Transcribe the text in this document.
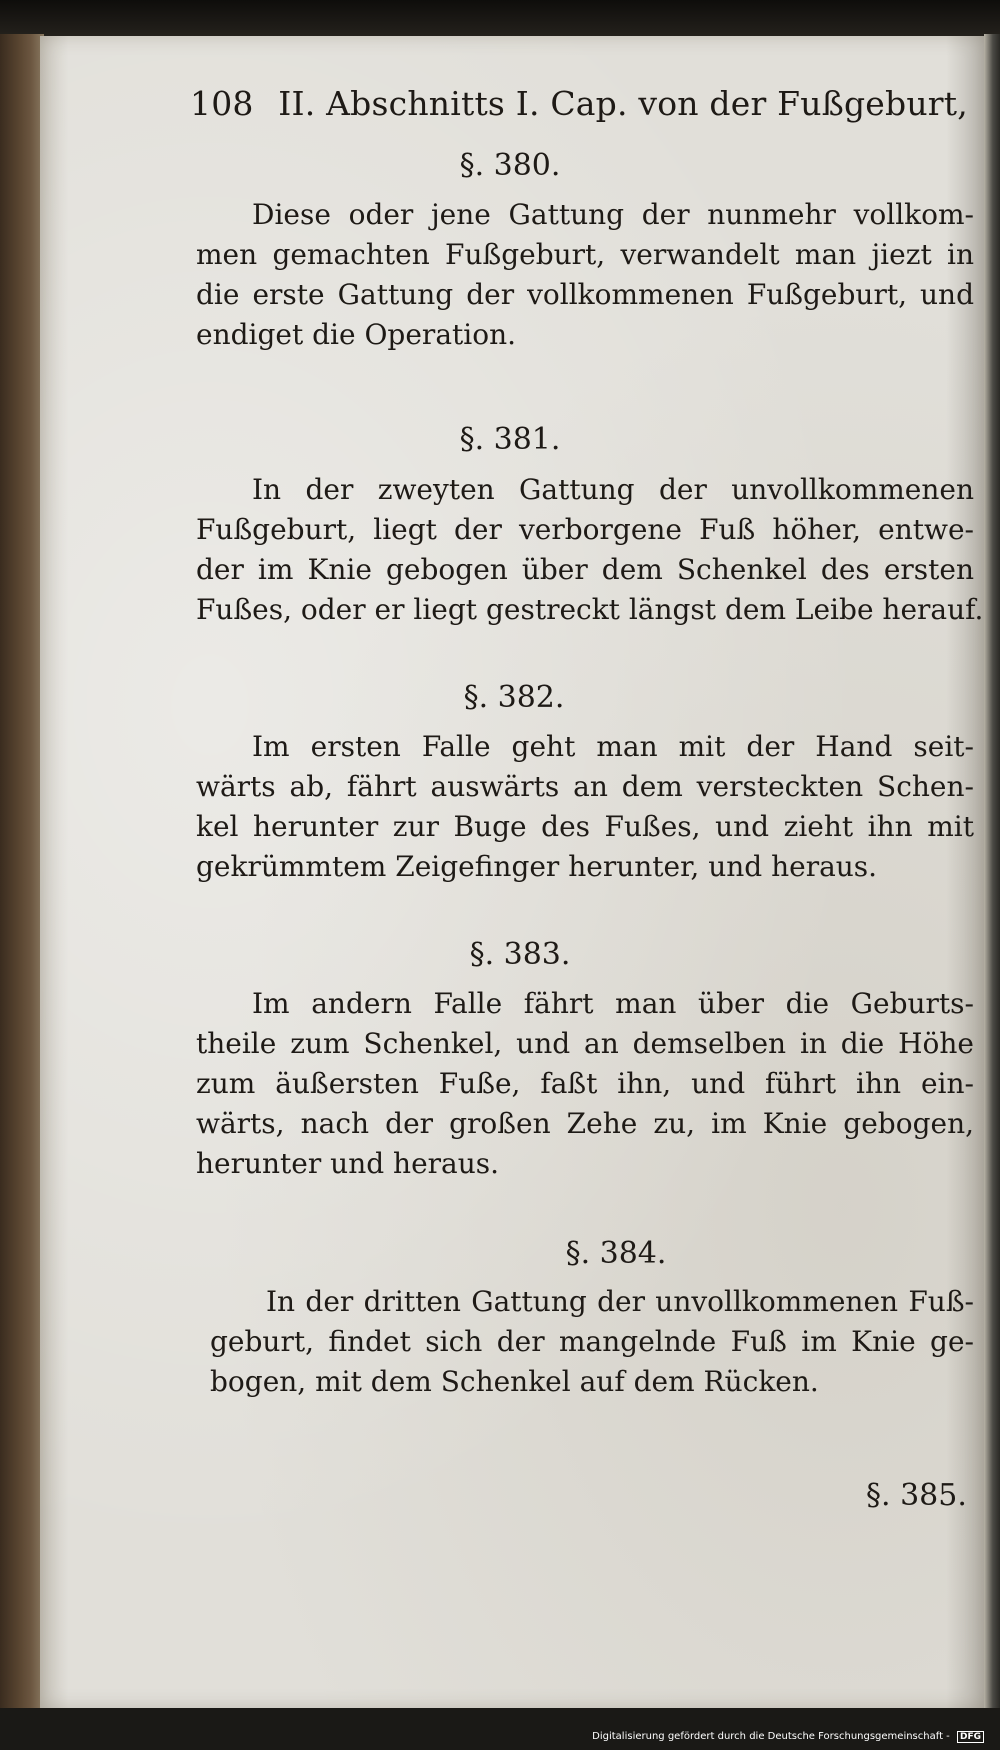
108 II. Abschnitts I. Cap. von der Fußgeburt,
§. 380.
Diese oder jene Gattung der nunmehr vollkom-
men gemachten Fußgeburt, verwandelt man jiezt in
die erste Gattung der vollkommenen Fußgeburt, und
endiget die Operation.
§. 381.
In der zweyten Gattung der unvollkommenen
Fußgeburt, liegt der verborgene Fuß höher, entwe-
der im Knie gebogen über dem Schenkel des ersten
Fußes, oder er liegt gestreckt längst dem Leibe herauf.
§. 382.
Im ersten Falle geht man mit der Hand seit-
wärts ab, fährt auswärts an dem versteckten Schen-
kel herunter zur Buge des Fußes, und zieht ihn mit
gekrümmtem Zeigefinger herunter, und heraus.
§. 383.
Im andern Falle fährt man über die Geburts-
theile zum Schenkel, und an demselben in die Höhe
zum äußersten Fuße, faßt ihn, und führt ihn ein-
wärts, nach der großen Zehe zu, im Knie gebogen,
herunter und heraus.
§. 384.
In der dritten Gattung der unvollkommenen Fuß-
geburt, findet sich der mangelnde Fuß im Knie ge-
bogen, mit dem Schenkel auf dem Rücken.
§. 385.
Digitalisierung gefördert durch die Deutsche Forschungsgemeinschaft - DFG
